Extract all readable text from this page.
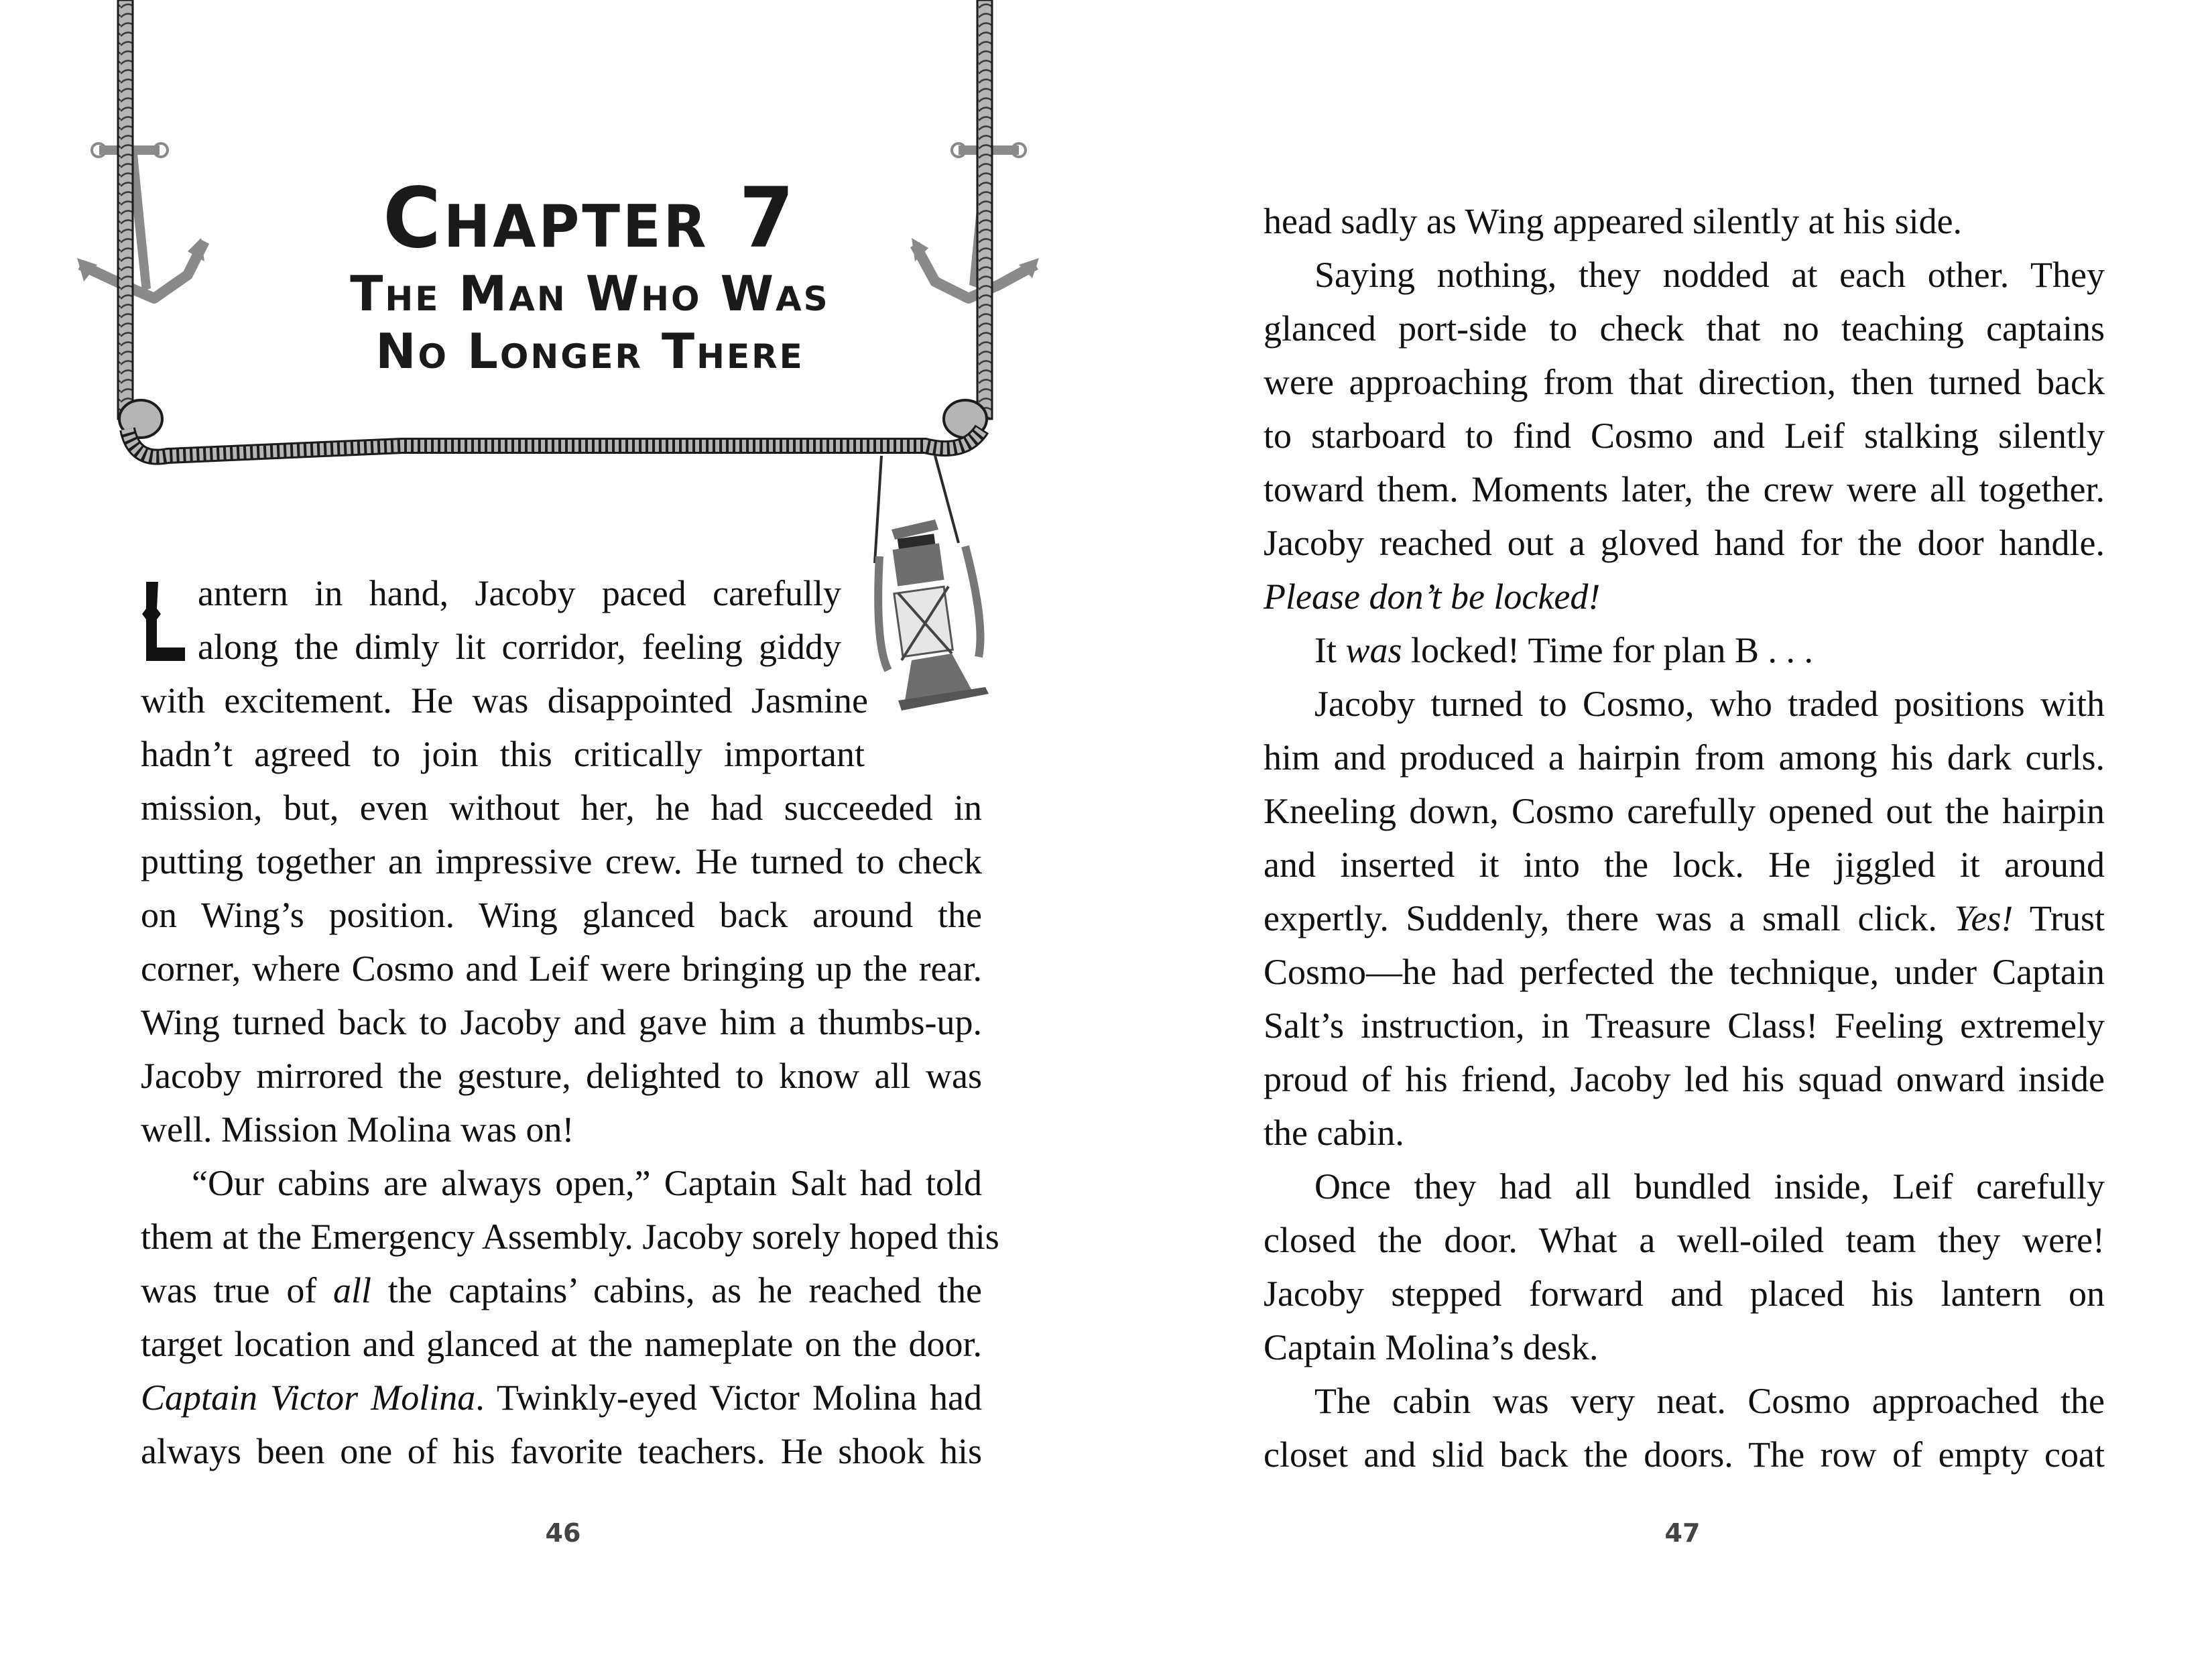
Chapter 7
The Man Who Was
No Longer There
antern in hand, Jacoby paced carefully
along the dimly lit corridor, feeling giddy
with excitement. He was disappointed Jasmine
hadn’t agreed to join this critically important
mission, but, even without her, he had succeeded in
putting together an impressive crew. He turned to check
on Wing’s position. Wing glanced back around the
corner, where Cosmo and Leif were bringing up the rear.
Wing turned back to Jacoby and gave him a thumbs-up.
Jacoby mirrored the gesture, delighted to know all was
well. Mission Molina was on!
“Our cabins are always open,” Captain Salt had told
them at the Emergency Assembly. Jacoby sorely hoped this
was true of all the captains’ cabins, as he reached the
target location and glanced at the nameplate on the door.
Captain Victor Molina. Twinkly-eyed Victor Molina had
always been one of his favorite teachers. He shook his
46
head sadly as Wing appeared silently at his side.
Saying nothing, they nodded at each other. They
glanced port-side to check that no teaching captains
were approaching from that direction, then turned back
to starboard to find Cosmo and Leif stalking silently
toward them. Moments later, the crew were all together.
Jacoby reached out a gloved hand for the door handle.
Please don’t be locked!
It was locked! Time for plan B . . .
Jacoby turned to Cosmo, who traded positions with
him and produced a hairpin from among his dark curls.
Kneeling down, Cosmo carefully opened out the hairpin
and inserted it into the lock. He jiggled it around
expertly. Suddenly, there was a small click. Yes! Trust
Cosmo—he had perfected the technique, under Captain
Salt’s instruction, in Treasure Class! Feeling extremely
proud of his friend, Jacoby led his squad onward inside
the cabin.
Once they had all bundled inside, Leif carefully
closed the door. What a well-oiled team they were!
Jacoby stepped forward and placed his lantern on
Captain Molina’s desk.
The cabin was very neat. Cosmo approached the
closet and slid back the doors. The row of empty coat
47
